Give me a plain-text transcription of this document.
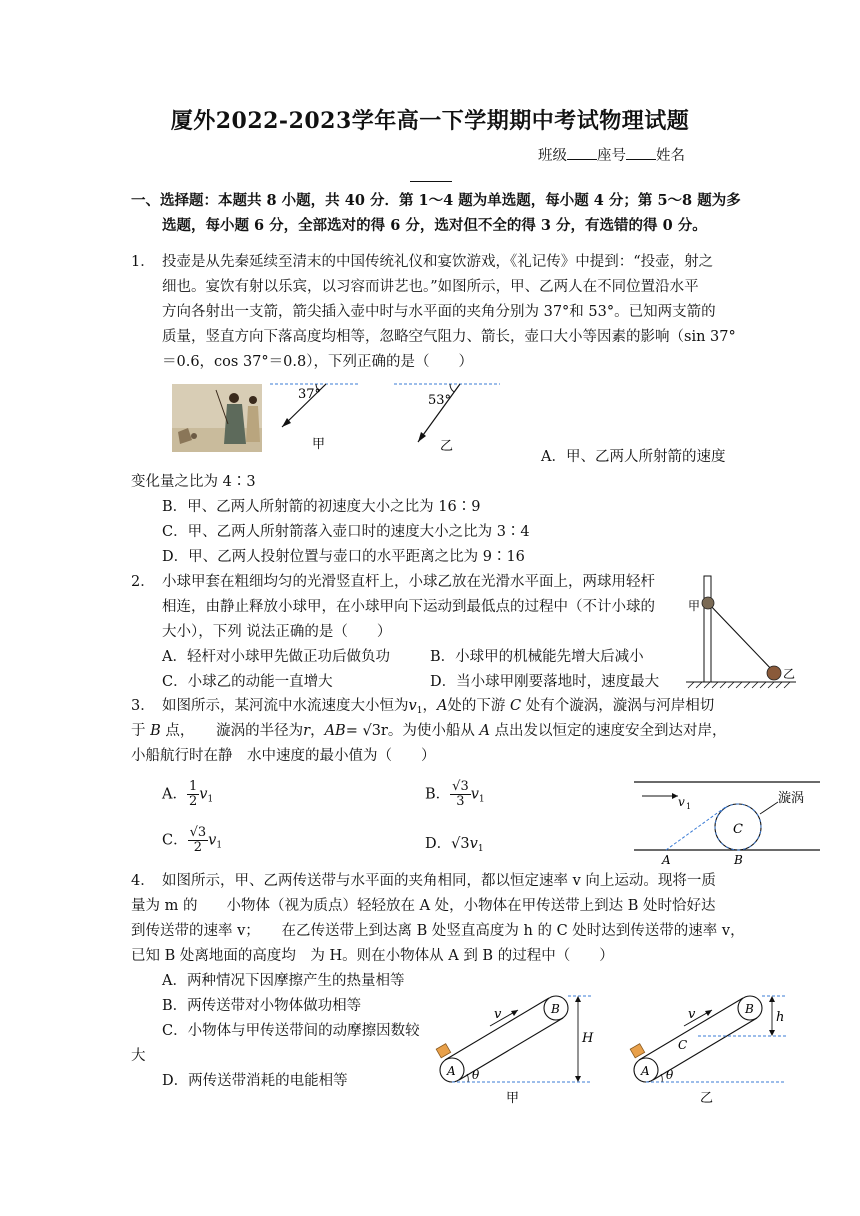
厦外2022-2023学年高一下学期期中考试物理试题
班级 座号 姓名
一、选择题：本题共 8 小题，共 40 分．第 1～4 题为单选题，每小题 4 分；第 5～8 题为多
选题，每小题 6 分，全部选对的得 6 分，选对但不全的得 3 分，有选错的得 0 分。
1． 投壶是从先秦延续至清末的中国传统礼仪和宴饮游戏，《礼记传》中提到：“投壶，射之
细也。宴饮有射以乐宾，以习容而讲艺也。”如图所示，甲、乙两人在不同位置沿水平
方向各射出一支箭，箭尖插入壶中时与水平面的夹角分别为 37°和 53°。已知两支箭的
质量，竖直方向下落高度均相等，忽略空气阻力、箭长，壶口大小等因素的影响（sin 37°
＝0.6，cos 37°＝0.8），下列正确的是（　　）
37°
甲
53°
乙
A．甲、乙两人所射箭的速度
变化量之比为 4∶3
B．甲、乙两人所射箭的初速度大小之比为 16∶9
C．甲、乙两人所射箭落入壶口时的速度大小之比为 3∶4
D．甲、乙两人投射位置与壶口的水平距离之比为 9∶16
2． 小球甲套在粗细均匀的光滑竖直杆上，小球乙放在光滑水平面上，两球用轻杆
相连，由静止释放小球甲，在小球甲向下运动到最低点的过程中（不计小球的
大小），下列 说法正确的是（　　）
A．轻杆对小球甲先做正功后做负功	B．小球甲的机械能先增大后减小
C．小球乙的动能一直增大	D．当小球甲刚要落地时，速度最大
甲
乙
3． 如图所示，某河流中水流速度大小恒为$v_1$，A处的下游 C 处有个漩涡，漩涡与河岸相切
于 B 点，　　漩涡的半径为r，AB= √3r。为使小船从 A 点出发以恒定的速度安全到达对岸，
小船航行时在静　水中速度的最小值为（　　）
A． $\frac{1}{2} v_1$	B． $\frac{√3}{3} v_1$
C． $\frac{√3}{2} v_1$	D．$√3v_1$
v 1
C
A	B
漩涡
4． 如图所示，甲、乙两传送带与水平面的夹角相同，都以恒定速率 v 向上运动。现将一质
量为 m 的　　小物体（视为质点）轻轻放在 A 处，小物体在甲传送带上到达 B 处时恰好达
到传送带的速率 v；　　在乙传送带上到达离 B 处竖直高度为 h 的 C 处时达到传送带的速率 v，
已知 B 处离地面的高度均　为 H。则在小物体从 A 到 B 的过程中（　　）
A．两种情况下因摩擦产生的热量相等
B．两传送带对小物体做功相等
C．小物体与甲传送带间的动摩擦因数较
大
D．两传送带消耗的电能相等
v
A
B
θ
H
甲
v
C
A
B
θ
h
乙
